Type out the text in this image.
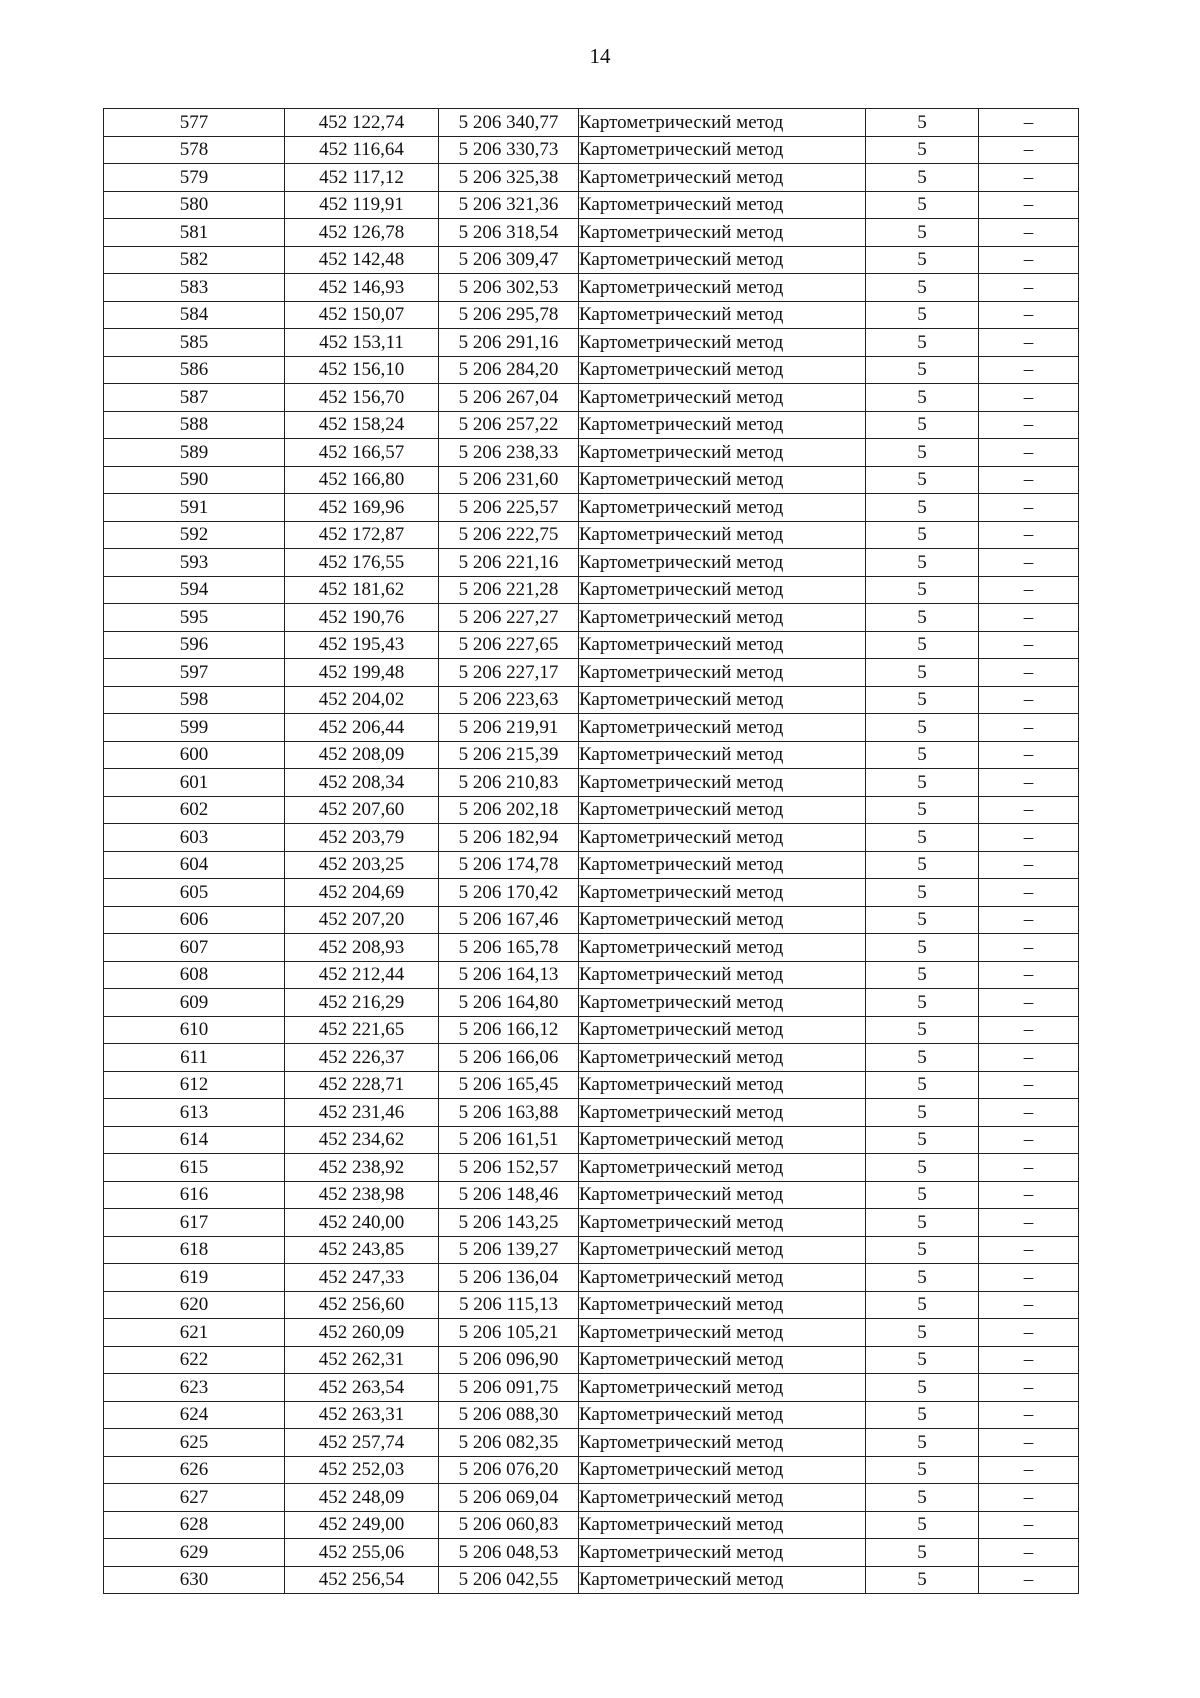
14
577	452 122,74	5 206 340,77	Картометрический метод	5	–
578	452 116,64	5 206 330,73	Картометрический метод	5	–
579	452 117,12	5 206 325,38	Картометрический метод	5	–
580	452 119,91	5 206 321,36	Картометрический метод	5	–
581	452 126,78	5 206 318,54	Картометрический метод	5	–
582	452 142,48	5 206 309,47	Картометрический метод	5	–
583	452 146,93	5 206 302,53	Картометрический метод	5	–
584	452 150,07	5 206 295,78	Картометрический метод	5	–
585	452 153,11	5 206 291,16	Картометрический метод	5	–
586	452 156,10	5 206 284,20	Картометрический метод	5	–
587	452 156,70	5 206 267,04	Картометрический метод	5	–
588	452 158,24	5 206 257,22	Картометрический метод	5	–
589	452 166,57	5 206 238,33	Картометрический метод	5	–
590	452 166,80	5 206 231,60	Картометрический метод	5	–
591	452 169,96	5 206 225,57	Картометрический метод	5	–
592	452 172,87	5 206 222,75	Картометрический метод	5	–
593	452 176,55	5 206 221,16	Картометрический метод	5	–
594	452 181,62	5 206 221,28	Картометрический метод	5	–
595	452 190,76	5 206 227,27	Картометрический метод	5	–
596	452 195,43	5 206 227,65	Картометрический метод	5	–
597	452 199,48	5 206 227,17	Картометрический метод	5	–
598	452 204,02	5 206 223,63	Картометрический метод	5	–
599	452 206,44	5 206 219,91	Картометрический метод	5	–
600	452 208,09	5 206 215,39	Картометрический метод	5	–
601	452 208,34	5 206 210,83	Картометрический метод	5	–
602	452 207,60	5 206 202,18	Картометрический метод	5	–
603	452 203,79	5 206 182,94	Картометрический метод	5	–
604	452 203,25	5 206 174,78	Картометрический метод	5	–
605	452 204,69	5 206 170,42	Картометрический метод	5	–
606	452 207,20	5 206 167,46	Картометрический метод	5	–
607	452 208,93	5 206 165,78	Картометрический метод	5	–
608	452 212,44	5 206 164,13	Картометрический метод	5	–
609	452 216,29	5 206 164,80	Картометрический метод	5	–
610	452 221,65	5 206 166,12	Картометрический метод	5	–
611	452 226,37	5 206 166,06	Картометрический метод	5	–
612	452 228,71	5 206 165,45	Картометрический метод	5	–
613	452 231,46	5 206 163,88	Картометрический метод	5	–
614	452 234,62	5 206 161,51	Картометрический метод	5	–
615	452 238,92	5 206 152,57	Картометрический метод	5	–
616	452 238,98	5 206 148,46	Картометрический метод	5	–
617	452 240,00	5 206 143,25	Картометрический метод	5	–
618	452 243,85	5 206 139,27	Картометрический метод	5	–
619	452 247,33	5 206 136,04	Картометрический метод	5	–
620	452 256,60	5 206 115,13	Картометрический метод	5	–
621	452 260,09	5 206 105,21	Картометрический метод	5	–
622	452 262,31	5 206 096,90	Картометрический метод	5	–
623	452 263,54	5 206 091,75	Картометрический метод	5	–
624	452 263,31	5 206 088,30	Картометрический метод	5	–
625	452 257,74	5 206 082,35	Картометрический метод	5	–
626	452 252,03	5 206 076,20	Картометрический метод	5	–
627	452 248,09	5 206 069,04	Картометрический метод	5	–
628	452 249,00	5 206 060,83	Картометрический метод	5	–
629	452 255,06	5 206 048,53	Картометрический метод	5	–
630	452 256,54	5 206 042,55	Картометрический метод	5	–
